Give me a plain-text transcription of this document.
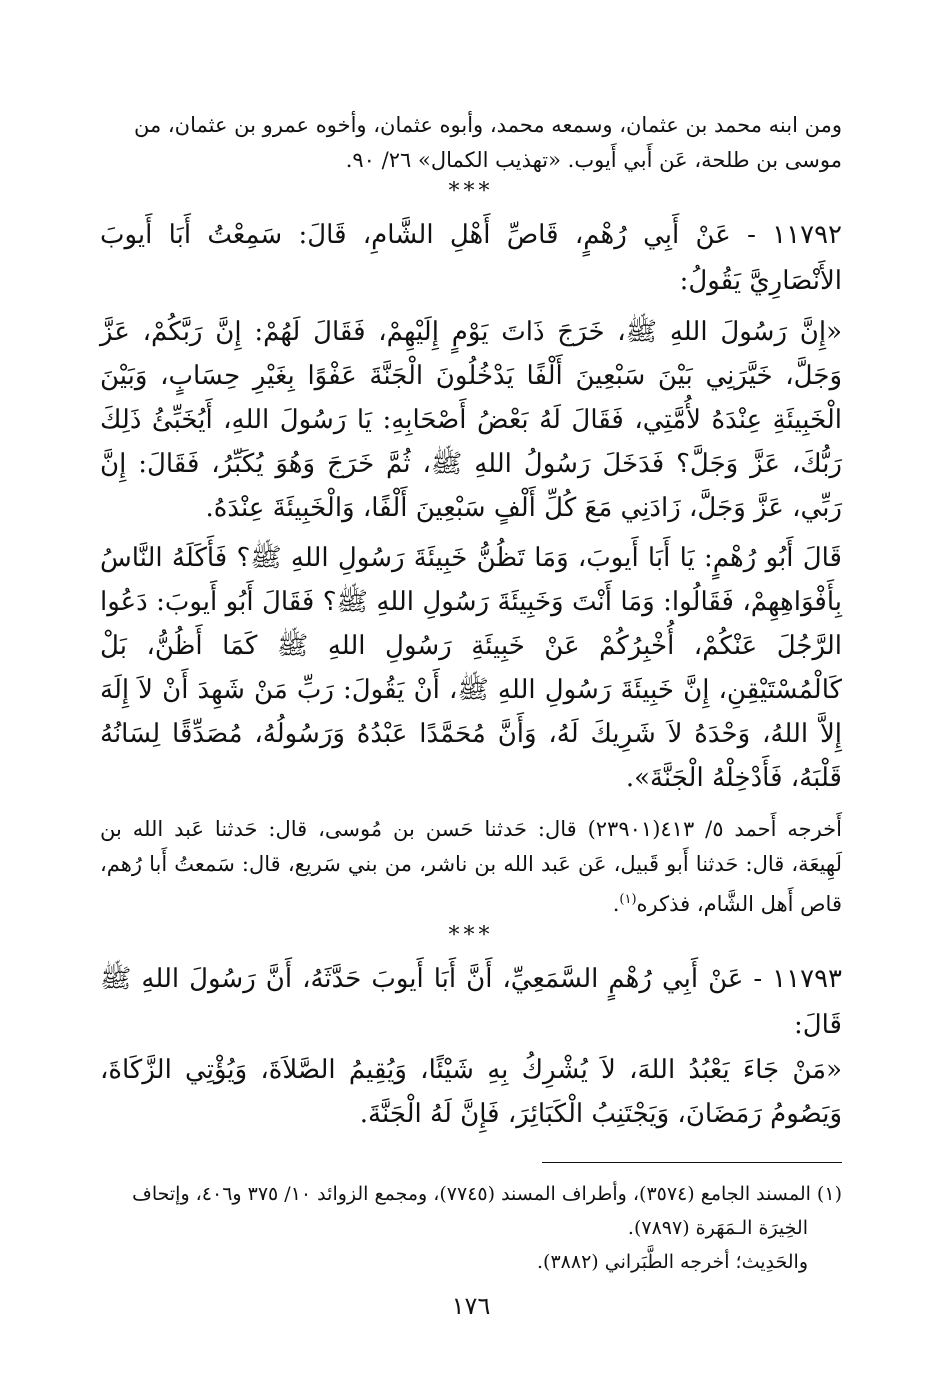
ومن ابنه محمد بن عثمان، وسمعه محمد، وأبوه عثمان، وأخوه عمرو بن عثمان، من

موسى بن طلحة، عَن أَبي أَيوب. «تهذيب الكمال» ٢٦/ ٩٠.

***

١١٧٩٢ - عَنْ أَبِي رُهْمٍ، قَاصِّ أَهْلِ الشَّامِ، قَالَ: سَمِعْتُ أَبَا أَيوبَ الأَنْصَارِيَّ يَقُولُ:

«إِنَّ رَسُولَ اللهِ ﷺ، خَرَجَ ذَاتَ يَوْمٍ إِلَيْهِمْ، فَقَالَ لَهُمْ: إِنَّ رَبَّكُمْ، عَزَّ وَجَلَّ، خَيَّرَنِي بَيْنَ سَبْعِينَ أَلْفًا يَدْخُلُونَ الْجَنَّةَ عَفْوًا بِغَيْرِ حِسَابٍ، وَبَيْنَ الْخَبِيئَةِ عِنْدَهُ لأُمَّتِي، فَقَالَ لَهُ بَعْضُ أَصْحَابِهِ: يَا رَسُولَ اللهِ، أَيُخَبِّئُ ذَلِكَ رَبُّكَ، عَزَّ وَجَلَّ؟ فَدَخَلَ رَسُولُ اللهِ ﷺ، ثُمَّ خَرَجَ وَهُوَ يُكَبِّرُ، فَقَالَ: إِنَّ رَبِّي، عَزَّ وَجَلَّ، زَادَنِي مَعَ كُلِّ أَلْفٍ سَبْعِينَ أَلْفًا، وَالْخَبِيئَةَ عِنْدَهُ.

قَالَ أَبُو رُهْمٍ: يَا أَبَا أَيوبَ، وَمَا تَظُنُّ خَبِيئَةَ رَسُولِ اللهِ ﷺ؟ فَأَكَلَهُ النَّاسُ بِأَفْوَاهِهِمْ، فَقَالُوا: وَمَا أَنْتَ وَخَبِيئَةَ رَسُولِ اللهِ ﷺ؟ فَقَالَ أَبُو أَيوبَ: دَعُوا الرَّجُلَ عَنْكُمْ، أُخْبِرُكُمْ عَنْ خَبِيئَةِ رَسُولِ اللهِ ﷺ كَمَا أَظُنُّ، بَلْ كَالْمُسْتَيْقِنِ، إِنَّ خَبِيئَةَ رَسُولِ اللهِ ﷺ، أَنْ يَقُولَ: رَبِّ مَنْ شَهِدَ أَنْ لاَ إِلَهَ إِلاَّ اللهُ، وَحْدَهُ لاَ شَرِيكَ لَهُ، وَأَنَّ مُحَمَّدًا عَبْدُهُ وَرَسُولُهُ، مُصَدِّقًا لِسَانُهُ قَلْبَهُ، فَأَدْخِلْهُ الْجَنَّةَ».

أَخرجه أَحمد ٥/ ٤١٣(٢٣٩٠١) قال: حَدثنا حَسن بن مُوسى، قال: حَدثنا عَبد الله بن لَهِيعَة، قال: حَدثنا أَبو قَبيل، عَن عَبد الله بن ناشر، من بني سَريع، قال: سَمعتُ أَبا رُهم، قاص أَهل الشَّام، فذكره$^{(١)}$.

***

١١٧٩٣ - عَنْ أَبِي رُهْمٍ السَّمَعِيِّ، أَنَّ أَبَا أَيوبَ حَدَّثَهُ، أَنَّ رَسُولَ اللهِ ﷺ قَالَ:

«مَنْ جَاءَ يَعْبُدُ اللهَ، لاَ يُشْرِكُ بِهِ شَيْئًا، وَيُقِيمُ الصَّلاَةَ، وَيُؤْتِي الزَّكَاةَ، وَيَصُومُ رَمَضَانَ، وَيَجْتَنِبُ الْكَبَائِرَ، فَإِنَّ لَهُ الْجَنَّةَ.

(١) المسند الجامع (٣٥٧٤)، وأطراف المسند (٧٧٤٥)، ومجمع الزوائد ١٠/ ٣٧٥ و٤٠٦، وإتحاف

الخِيرَة الـمَهَرة (٧٨٩٧).

والحَدِيث؛ أخرجه الطَّبَراني (٣٨٨٢).

١٧٦
